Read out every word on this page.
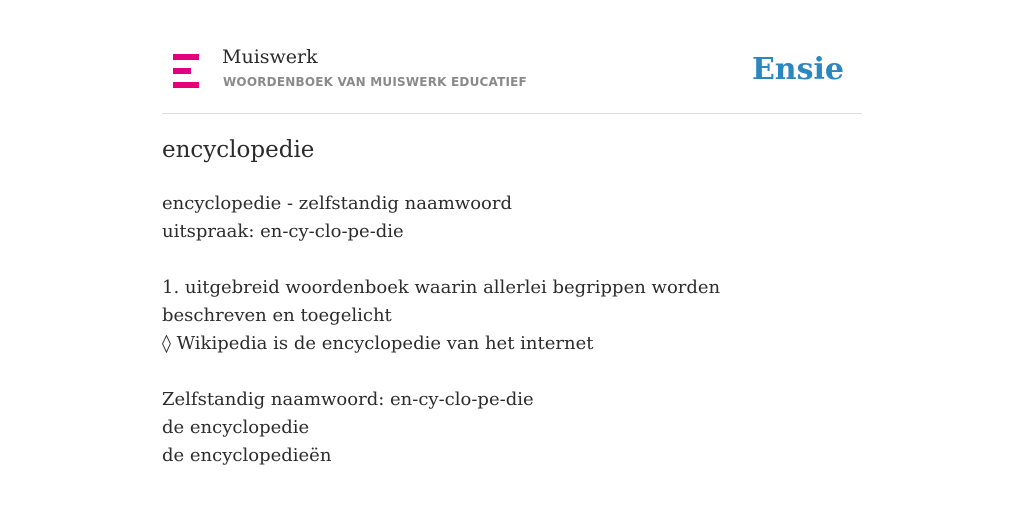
Muiswerk
WOORDENBOEK VAN MUISWERK EDUCATIEF	Ensie
encyclopedie
encyclopedie - zelfstandig naamwoord
uitspraak: en-cy-clo-pe-die
1. uitgebreid woordenboek waarin allerlei begrippen worden beschreven en toegelicht
◊ Wikipedia is de encyclopedie van het internet
Zelfstandig naamwoord: en-cy-clo-pe-die
de encyclopedie
de encyclopedieën
